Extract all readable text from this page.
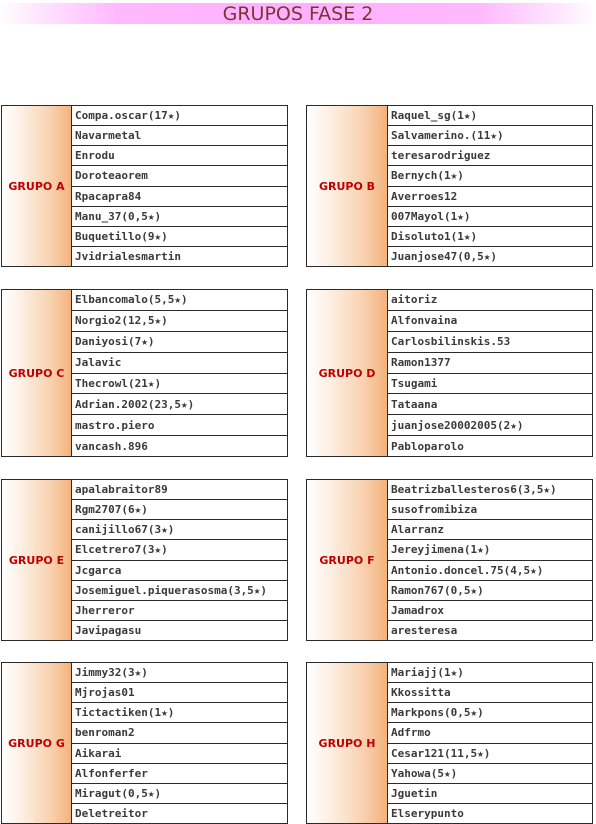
GRUPOS FASE 2
GRUPO A
Compa.oscar(17★)
Navarmetal
Enrodu
Doroteaorem
Rpacapra84
Manu_37(0,5★)
Buquetillo(9★)
Jvidrialesmartin
GRUPO B
Raquel_sg(1★)
Salvamerino.(11★)
teresarodriguez
Bernych(1★)
Averroes12
007Mayol(1★)
Disoluto1(1★)
Juanjose47(0,5★)
GRUPO C
Elbancomalo(5,5★)
Norgio2(12,5★)
Daniyosi(7★)
Jalavic
Thecrowl(21★)
Adrian.2002(23,5★)
mastro.piero
vancash.896
GRUPO D
aitoriz
Alfonvaina
Carlosbilinskis.53
Ramon1377
Tsugami
Tataana
juanjose20002005(2★)
Pabloparolo
GRUPO E
apalabraitor89
Rgm2707(6★)
canijillo67(3★)
Elcetrero7(3★)
Jcgarca
Josemiguel.piquerasosma(3,5★)
Jherreror
Javipagasu
GRUPO F
Beatrizballesteros6(3,5★)
susofromibiza
Alarranz
Jereyjimena(1★)
Antonio.doncel.75(4,5★)
Ramon767(0,5★)
Jamadrox
aresteresa
GRUPO G
Jimmy32(3★)
Mjrojas01
Tictactiken(1★)
benroman2
Aikarai
Alfonferfer
Miragut(0,5★)
Deletreitor
GRUPO H
Mariajj(1★)
Kkossitta
Markpons(0,5★)
Adfrmo
Cesar121(11,5★)
Yahowa(5★)
Jguetin
Elserypunto
